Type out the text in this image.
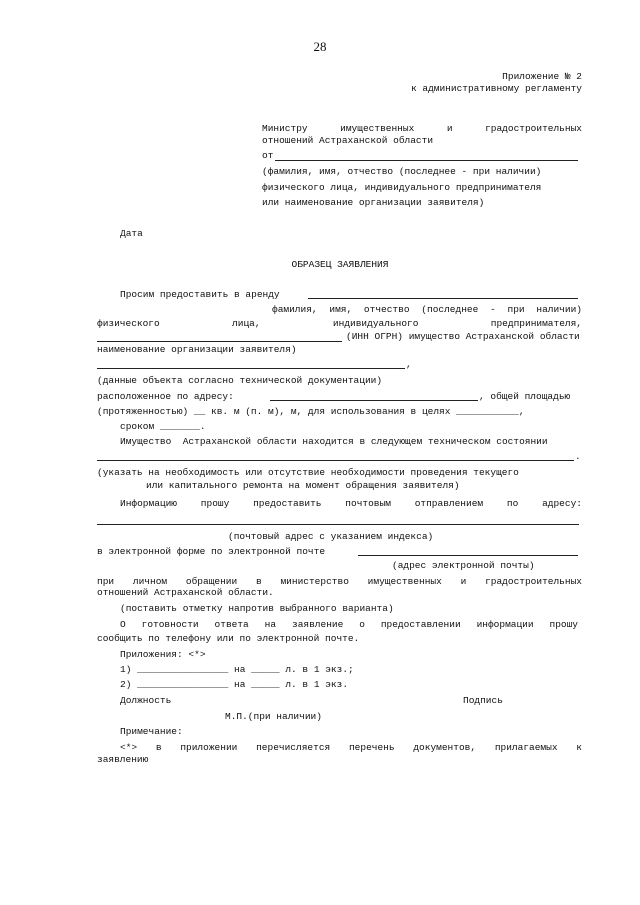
28
Приложение № 2
к административному регламенту
Министру имущественных и градостроительных
отношений Астраханской области
от
(фамилия, имя, отчество (последнее - при наличии)
физического лица, индивидуального предпринимателя
или наименование организации заявителя)
Дата
ОБРАЗЕЦ ЗАЯВЛЕНИЯ
Просим предоставить в аренду
фамилия, имя, отчество (последнее - при наличии)
физического лица, индивидуального предпринимателя,
(ИНН ОГРН) имущество Астраханской области
наименование организации заявителя)
,
(данные объекта согласно технической документации)
расположенное по адресу:	, общей площадью
(протяженностью) __ кв. м (п. м), м, для использования в целях ___________,
сроком _______.
Имущество  Астраханской области находится в следующем техническом состоянии
.
(указать на необходимость или отсутствие необходимости проведения текущего
или капитального ремонта на момент обращения заявителя)
Информацию прошу предоставить почтовым отправлением по адресу:
(почтовый адрес с указанием индекса)
в электронной форме по электронной почте
(адрес электронной почты)
при личном обращении в министерство имущественных и градостроительных
отношений Астраханской области.
(поставить отметку напротив выбранного варианта)
О готовности ответа на заявление о предоставлении информации прошу
сообщить по телефону или по электронной почте.
Приложения: <*>
1) ________________ на _____ л. в 1 экз.;
2) ________________ на _____ л. в 1 экз.
Должность	Подпись
М.П.(при наличии)
Примечание:
<*> в приложении перечисляется перечень документов, прилагаемых к
заявлению
